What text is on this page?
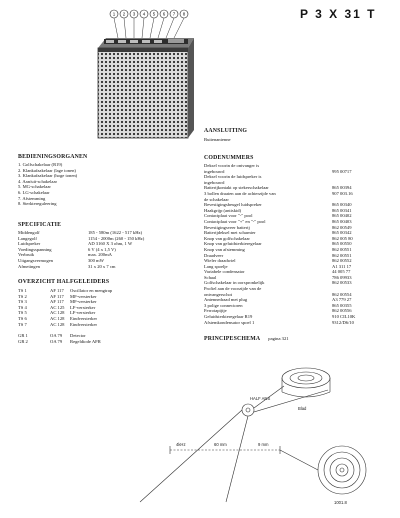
P 3 X 31 T
1 2 3 4 5 6 7 8
AANSLUITING
Buitenantenne
BEDIENINGSORGANEN
1. Golfschakelaar (R19)
2. Klankafzakelaar (lage tonen)
3. Klankafzakelaar (hoge tonen)
4. Aan/uit-schakelaar
5. MG-schakelaar
6. LG-schakelaar
7. Afstemming
8. Sterktereguleering
CODENUMMERS
Deksel voorin de ontvanger is
ingebouwd	995 00717
Deksel voorin de luidspreker is
ingebouwd
Batterijkontakt op stekerschakelaar	865 00394
3 bollen draaien aan de achterzijde van	907 003.16
de schakelaar
Bevestigingsbeugel luidspreker	865 00340
Haakgrijp (antiskid)	865 00341
Contactplaat voor "-" pool	865 00402
Contactplaat voor "+" en "-" pool	865 00403
Bevestigingsveer batterij	862 00549
Batterijdeksel met scharnier	865 00342
Knop van golfschakelaar	862 005 80
Knop van geluidsterkteregelaar	865 00550
Knop van afstemming	862 00551
Draadveer	862 00551
Wieler draadwiel	862 00552
Lang spoelje	A1 311 17
Variabele condensator	44 005 77
Schaal	786 09933
Golfschakelaar in oorspronkelijk	862 00533
Profiel aan de voorzijde van de
ontvangerschot	862 00554
Antennedraad met plug	A3 779 27
3 polige connectoren	865 00355
Ferrotapijtje	862 00556
Geluidsterkteregelaar R19	910 CIL10K
Afstemkondensator spoel 1	9312/D6/10
SPECIFICATIE
Middengolf	185 - 580m (1622 - 517 kHz)
Langegolf	1154 - 2000m (260 - 150 kHz)
Luidspreker	AD 3160 X 3 ohm, 1 W
Voedingsspanning	6 V (4 x 1,5 V)
Verbruik	max. 200mA
Uitgangsvermogen	300 mW
Afmetingen	31 x 20 x 7 cm
OVERZICHT HALFGELEIDERS
TS 1	AF 117	Oscillator en mengtrap
TS 2	AF 117	MF-versterker
TS 3	AF 117	MF-versterker
TS 4	AC 125	LF-versterker
TS 5	AC 128	LF-versterker
TS 6	AC 128	Eindversterker
TS 7	AC 128	Eindversterker
GR 1	OA 79	Detector
GR 2	OA 79	Regeldiode AFR	PRINCIPESCHEMA pagina 321
HALF ANS
Blad
4kHz	60 mm	9 mm
1001.8
